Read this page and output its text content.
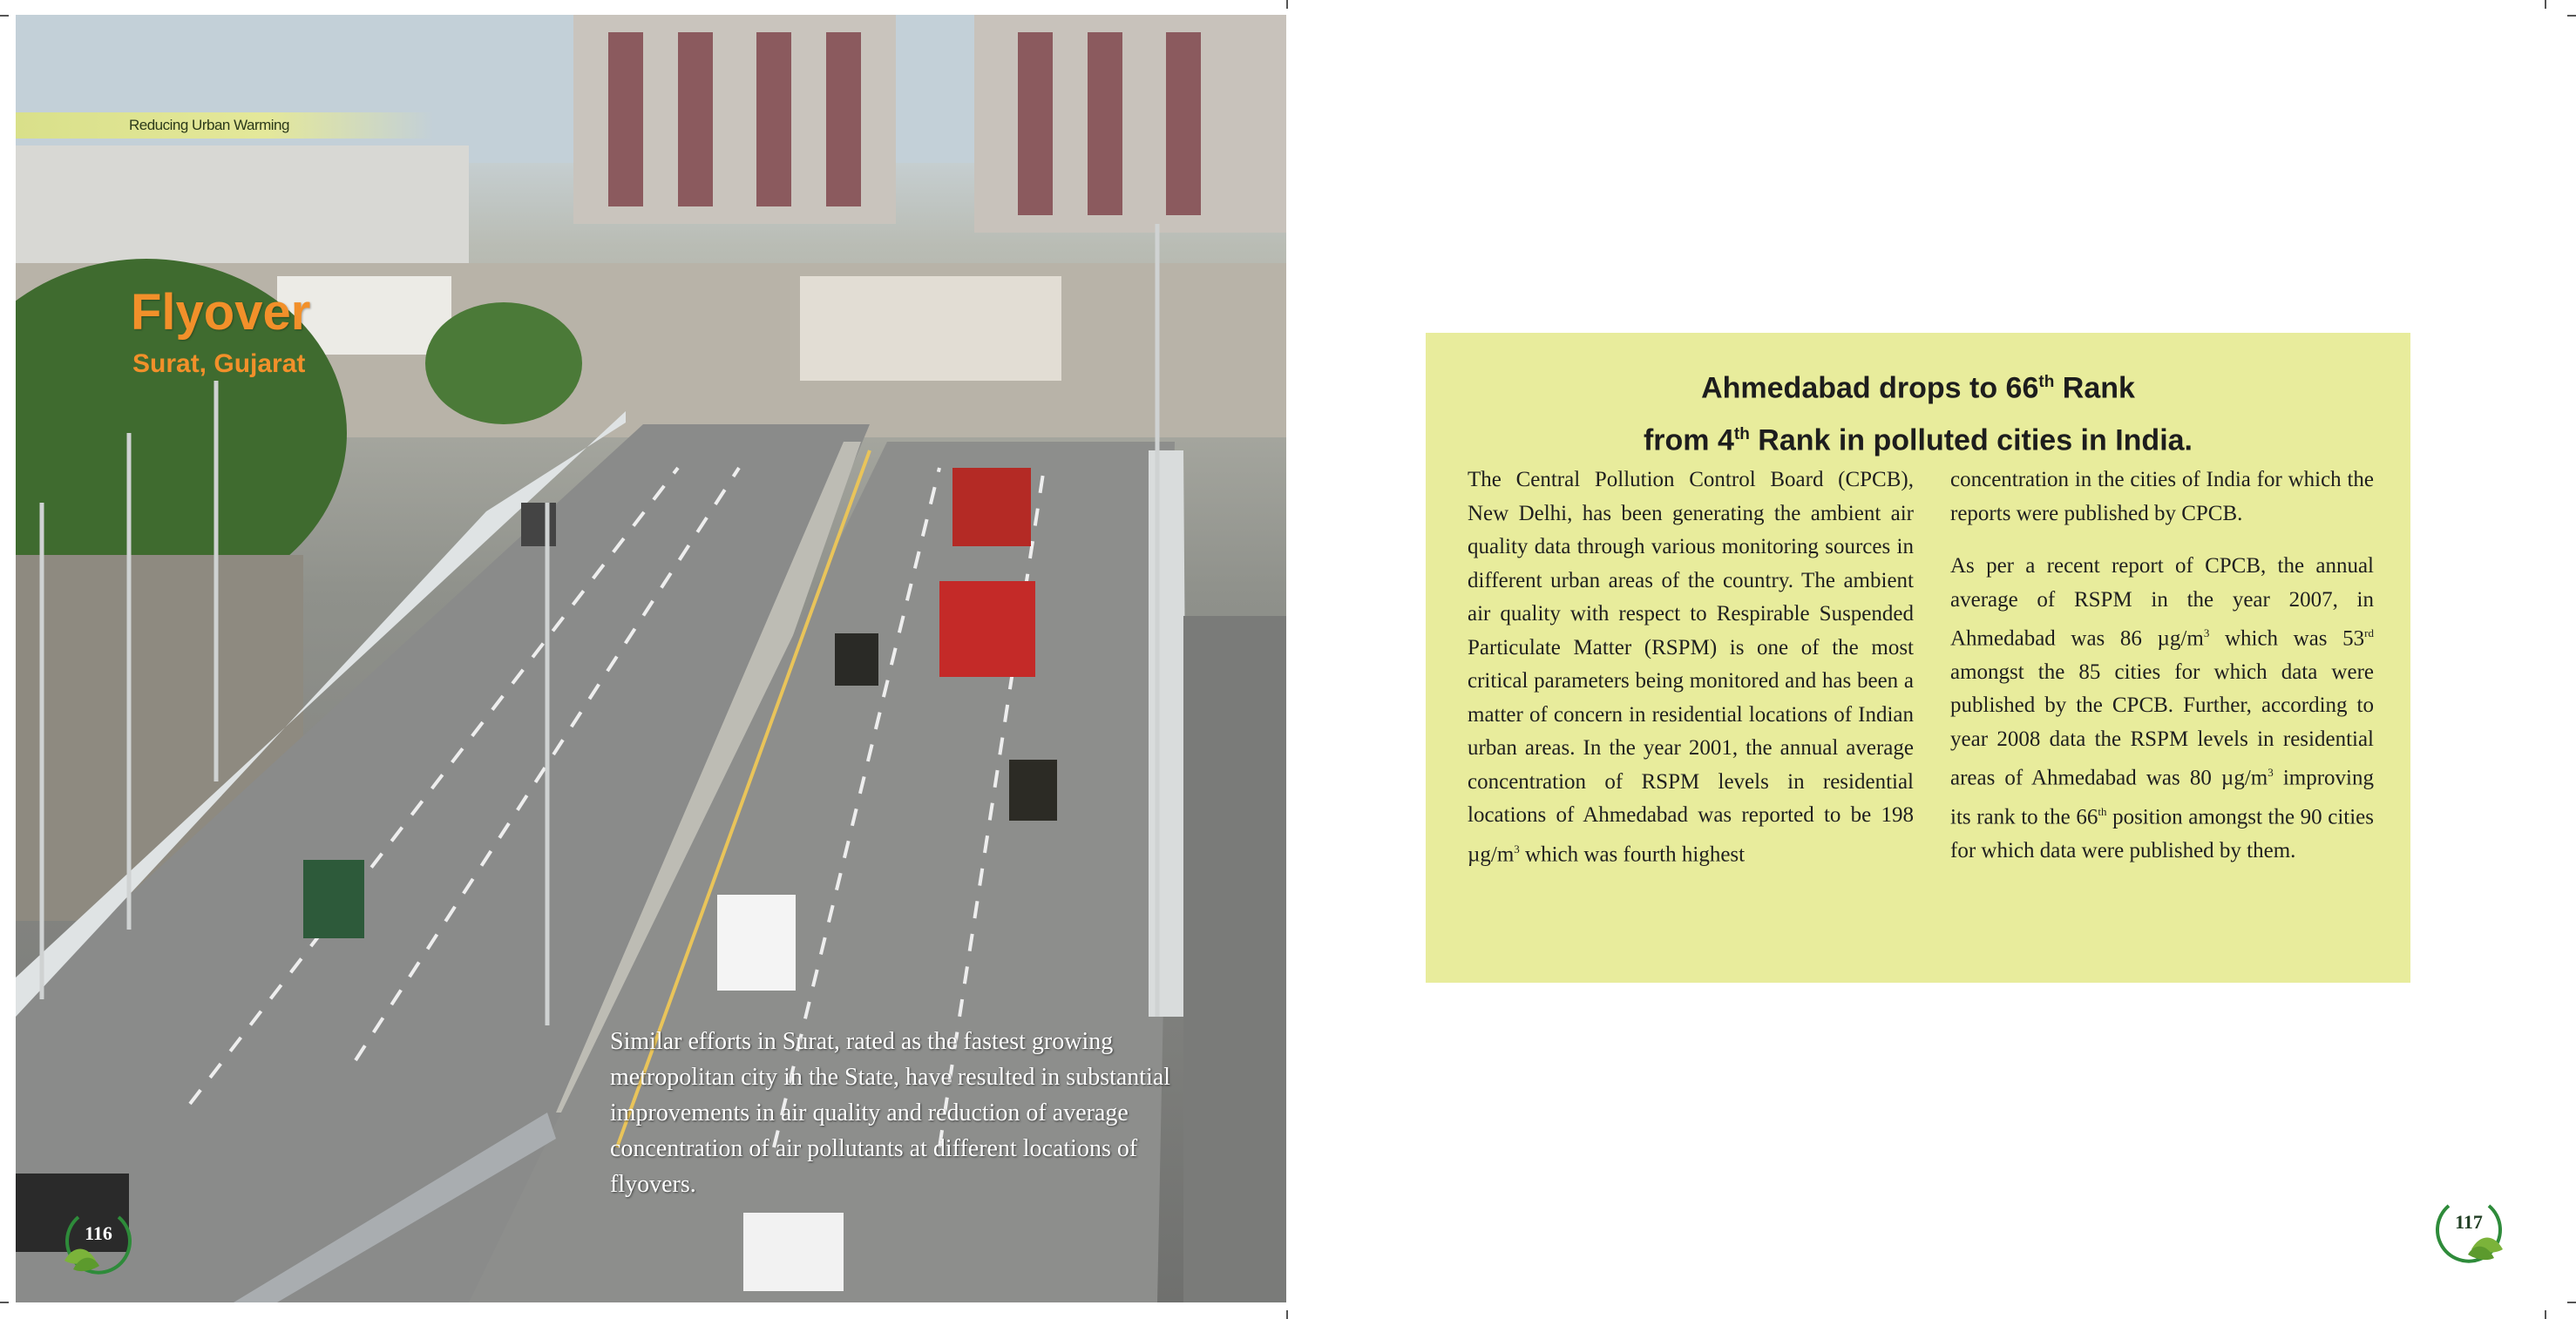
Reducing Urban Warming
Flyover
Surat, Gujarat
Similar efforts in Surat, rated as the fastest growing metropolitan city in the State, have resulted in substantial improvements in air quality and reduction of average concentration of air pollutants at different locations of flyovers.
116
Ahmedabad drops to 66th Rank
from 4th Rank in polluted cities in India.

The Central Pollution Control Board (CPCB), New Delhi, has been generating the ambient air quality data through various monitoring sources in different urban areas of the country. The ambient air quality with respect to Respirable Suspended Particulate Matter (RSPM) is one of the most critical parameters being monitored and has been a matter of concern in residential locations of Indian urban areas. In the year 2001, the annual average concentration of RSPM levels in residential locations of Ahmedabad was reported to be 198 $\mu g/m^3$ which was fourth highest

concentration in the cities of India for which the reports were published by CPCB.

As per a recent report of CPCB, the annual average of RSPM in the year 2007, in Ahmedabad was 86 $\mu g/m^3$ which was 53rd amongst the 85 cities for which data were published by the CPCB. Further, according to year 2008 data the RSPM levels in residential areas of Ahmedabad was 80 $\mu g/m^3$ improving its rank to the 66th position amongst the 90 cities for which data were published by them.

117
